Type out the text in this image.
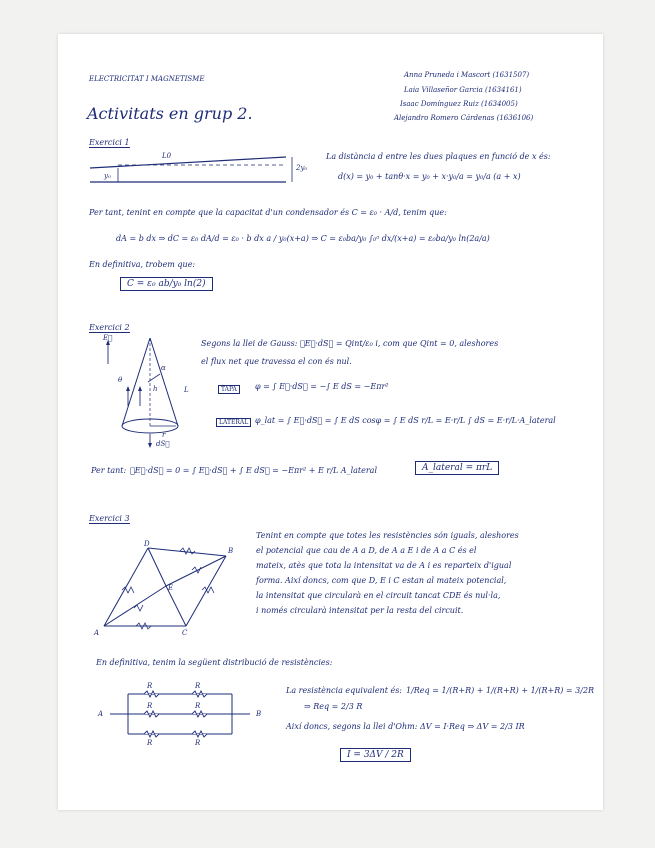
ELECTRICITAT I MAGNETISME
Activitats en grup 2.
Anna Pruneda i Mascort (1631507)
Laia Villaseñor Garcia (1634161)
Isaac Domínguez Ruiz (1634005)
Alejandro Romero Cárdenas (1636106)
Exercici 1
L0
y₀
2y₀
La distància d entre les dues plaques en funció de x és:
d(x) = y₀ + tanθ·x = y₀ + x·y₀/a = y₀/a (a + x)
Per tant, tenint en compte que la capacitat d'un condensador és C = ε₀ · A/d, tenim que:
dA = b dx ⇒ dC = ε₀ dA/d = ε₀ · b dx a / y₀(x+a) ⇒ C = ε₀ba/y₀ ∫₀ᵃ dx/(x+a) = ε₀ba/y₀ ln(2a/a)
En definitiva, trobem que:
C = ε₀ ab/y₀ ln(2)
Exercici 2
E⃗
h	L
r
dS⃗
θ
α
Segons la llei de Gauss: ∮E⃗·dS⃗ = Qint/ε₀ i, com que Qint = 0, aleshores
el flux net que travessa el con és nul.
TAPA	φ = ∫ E⃗·dS⃗ = −∫ E dS = −Eπr²
LATERAL φ_lat = ∫ E⃗·dS⃗ = ∫ E dS cosφ = ∫ E dS r/L = E·r/L ∫ dS = E·r/L·A_lateral
Per tant: ∮E⃗·dS⃗ = 0 = ∫ E⃗·dS⃗ + ∫ E dS⃗ = −Eπr² + E r/L A_lateral	A_lateral = πrL
Exercici 3
A
B
C
D
E
Tenint en compte que totes les resistències són iguals, aleshores
el potencial que cau de A a D, de A a E i de A a C és el
mateix, atès que tota la intensitat va de A i es reparteix d'igual
forma. Així doncs, com que D, E i C estan al mateix potencial,
la intensitat que circularà en el circuit tancat CDE és nul·la,
i només circularà intensitat per la resta del circuit.
En definitiva, tenim la següent distribució de resistències:
A	B
R	R
R	R
R	R
La resistència equivalent és: 1/Req = 1/(R+R) + 1/(R+R) + 1/(R+R) = 3/2R
⇒ Req = 2/3 R
Així doncs, segons la llei d'Ohm: ΔV = I·Req ⇒ ΔV = 2/3 IR
I = 3ΔV / 2R
